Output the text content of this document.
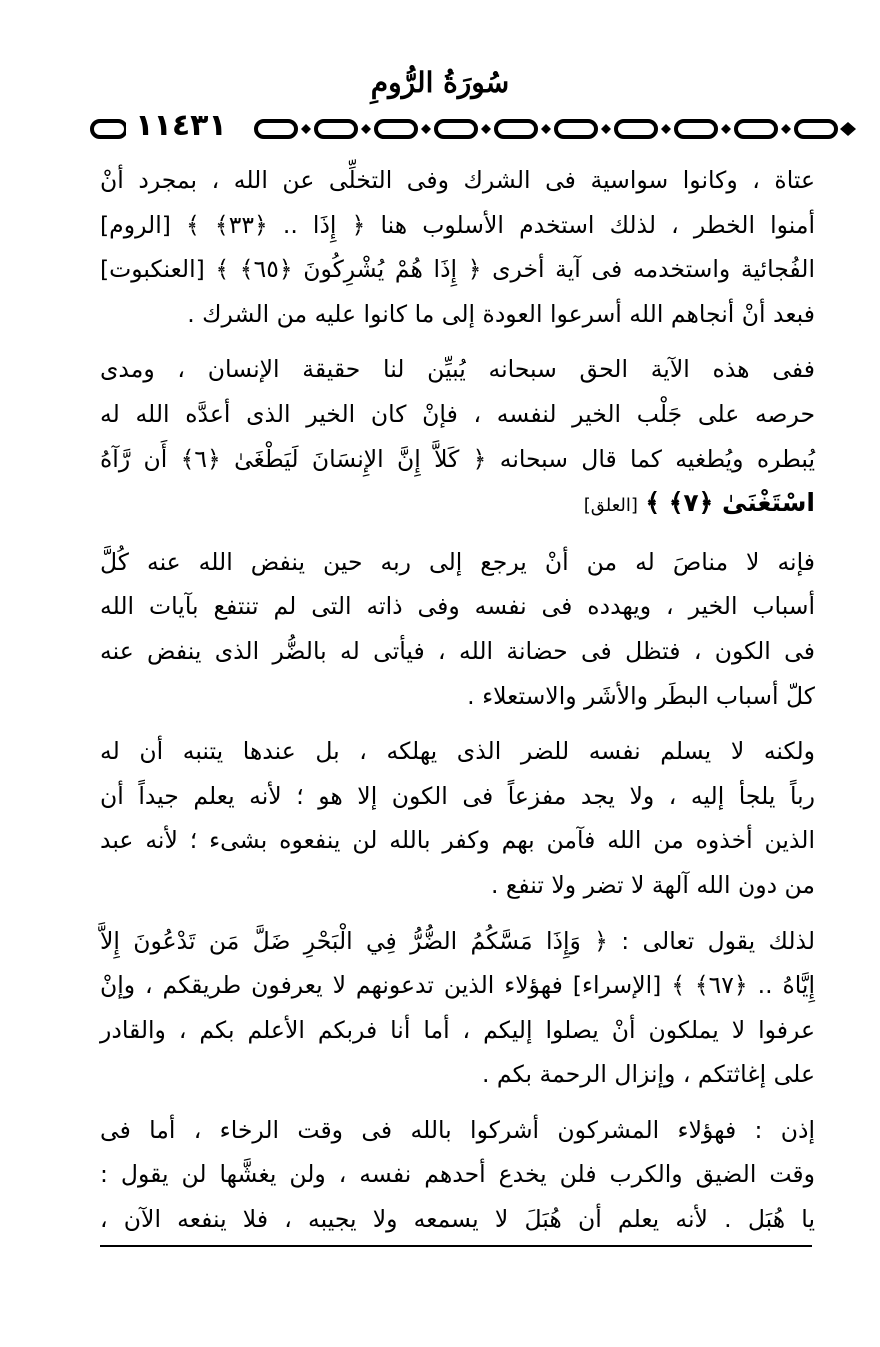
سُورَةُ الرُّومِ
١١٤٣١
عتاة ، وكانوا سواسية فى الشرك وفى التخلِّى عن الله ، بمجرد أنْ
أمنوا الخطر ، لذلك استخدم الأسلوب هنا ﴿ إِذَا .. ﴿٣٣﴾ ﴾ [الروم]
الفُجائية واستخدمه فى آية أخرى ﴿ إِذَا هُمْ يُشْرِكُونَ ﴿٦٥﴾ ﴾ [العنكبوت]
فبعد أنْ أنجاهم الله أسرعوا العودة إلى ما كانوا عليه من الشرك .
ففى هذه الآية الحق سبحانه يُبيِّن لنا حقيقة الإنسان ، ومدى
حرصه على جَلْب الخير لنفسه ، فإنْ كان الخير الذى أعدَّه الله له
يُبطره ويُطغيه كما قال سبحانه ﴿ كَلاَّ إِنَّ الإِنسَانَ لَيَطْغَىٰ ﴿٦﴾ أَن رَّآهُ
اسْتَغْنَىٰ ﴿٧﴾ ﴾ [العلق]
فإنه لا مناصَ له من أنْ يرجع إلى ربه حين ينفض الله عنه كُلَّ
أسباب الخير ، ويهدده فى نفسه وفى ذاته التى لم تنتفع بآيات الله
فى الكون ، فتظل فى حضانة الله ، فيأتى له بالضُّر الذى ينفض عنه
كلّ أسباب البطَر والأشَر والاستعلاء .
ولكنه لا يسلم نفسه للضر الذى يهلكه ، بل عندها يتنبه أن له
رباً يلجأ إليه ، ولا يجد مفزعاً فى الكون إلا هو ؛ لأنه يعلم جيداً أن
الذين أخذوه من الله فآمن بهم وكفر بالله لن ينفعوه بشىء ؛ لأنه عبد
من دون الله آلهة لا تضر ولا تنفع .
لذلك يقول تعالى : ﴿ وَإِذَا مَسَّكُمُ الضُّرُّ فِي الْبَحْرِ ضَلَّ مَن تَدْعُونَ إِلاَّ
إِيَّاهُ .. ﴿٦٧﴾ ﴾ [الإسراء] فهؤلاء الذين تدعونهم لا يعرفون طريقكم ، وإنْ
عرفوا لا يملكون أنْ يصلوا إليكم ، أما أنا فربكم الأعلم بكم ، والقادر
على إغاثتكم ، وإنزال الرحمة بكم .
إذن : فهؤلاء المشركون أشركوا بالله فى وقت الرخاء ، أما فى
وقت الضيق والكرب فلن يخدع أحدهم نفسه ، ولن يغشَّها لن يقول :
يا هُبَل . لأنه يعلم أن هُبَلَ لا يسمعه ولا يجيبه ، فلا ينفعه الآن ،
